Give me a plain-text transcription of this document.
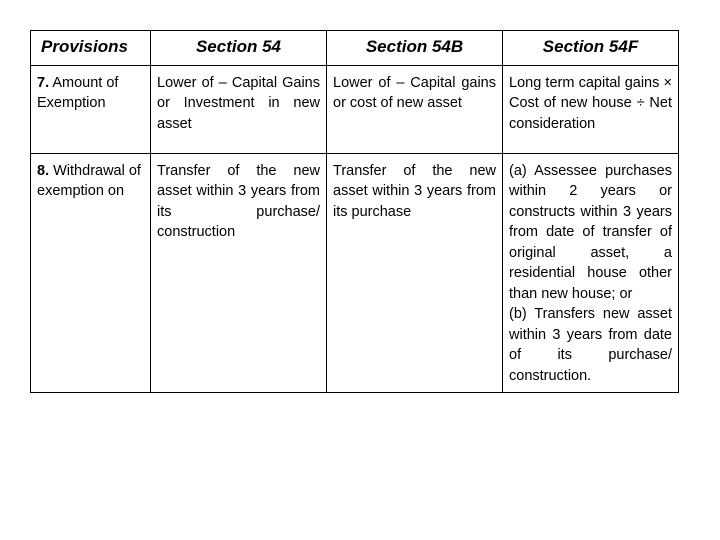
Provisions	Section 54	Section 54B	Section 54F
7. Amount of Exemption	Lower of – Capital Gains or Investment in new asset	Lower of – Capital gains or cost of new asset	Long term capital gains × Cost of new house ÷ Net consideration
8. Withdrawal of exemption on	Transfer of the new asset within 3 years from its purchase/ construction	Transfer of the new asset within 3 years from its purchase	(a) Assessee purchases within 2 years or constructs within 3 years from date of transfer of original asset, a residential house other than new house; or
(b) Transfers new asset within 3 years from date of its purchase/ construction.
